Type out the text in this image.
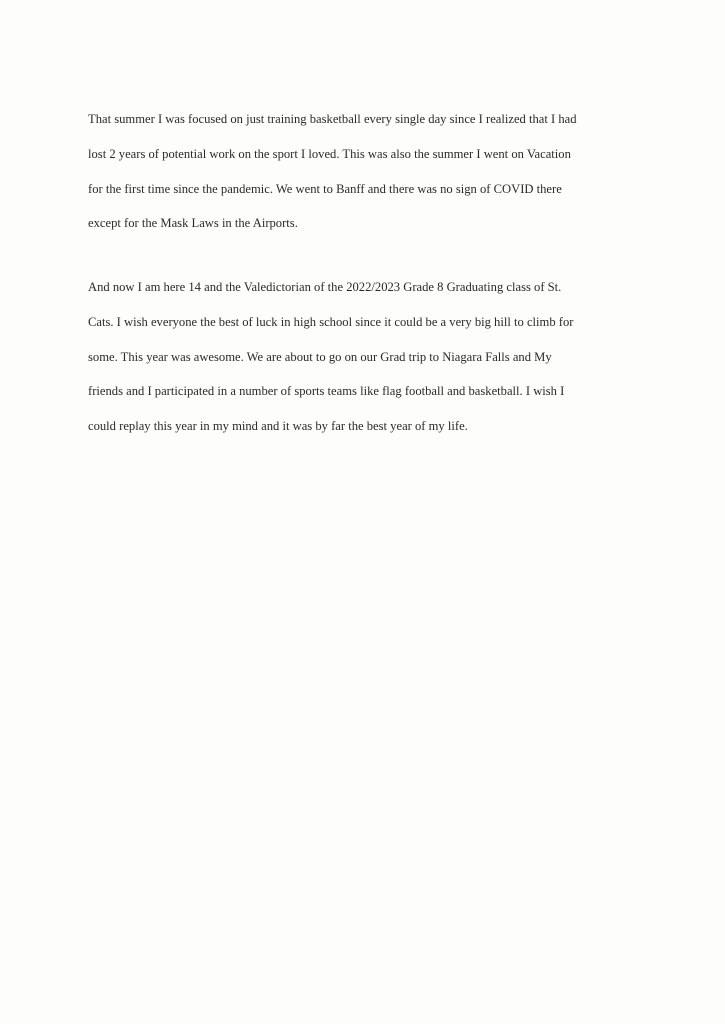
That summer I was focused on just training basketball every single day since I realized that I had
lost 2 years of potential work on the sport I loved. This was also the summer I went on Vacation
for the first time since the pandemic. We went to Banff and there was no sign of COVID there
except for the Mask Laws in the Airports.
And now I am here 14 and the Valedictorian of the 2022/2023 Grade 8 Graduating class of St.
Cats. I wish everyone the best of luck in high school since it could be a very big hill to climb for
some. This year was awesome. We are about to go on our Grad trip to Niagara Falls and My
friends and I participated in a number of sports teams like flag football and basketball. I wish I
could replay this year in my mind and it was by far the best year of my life.
